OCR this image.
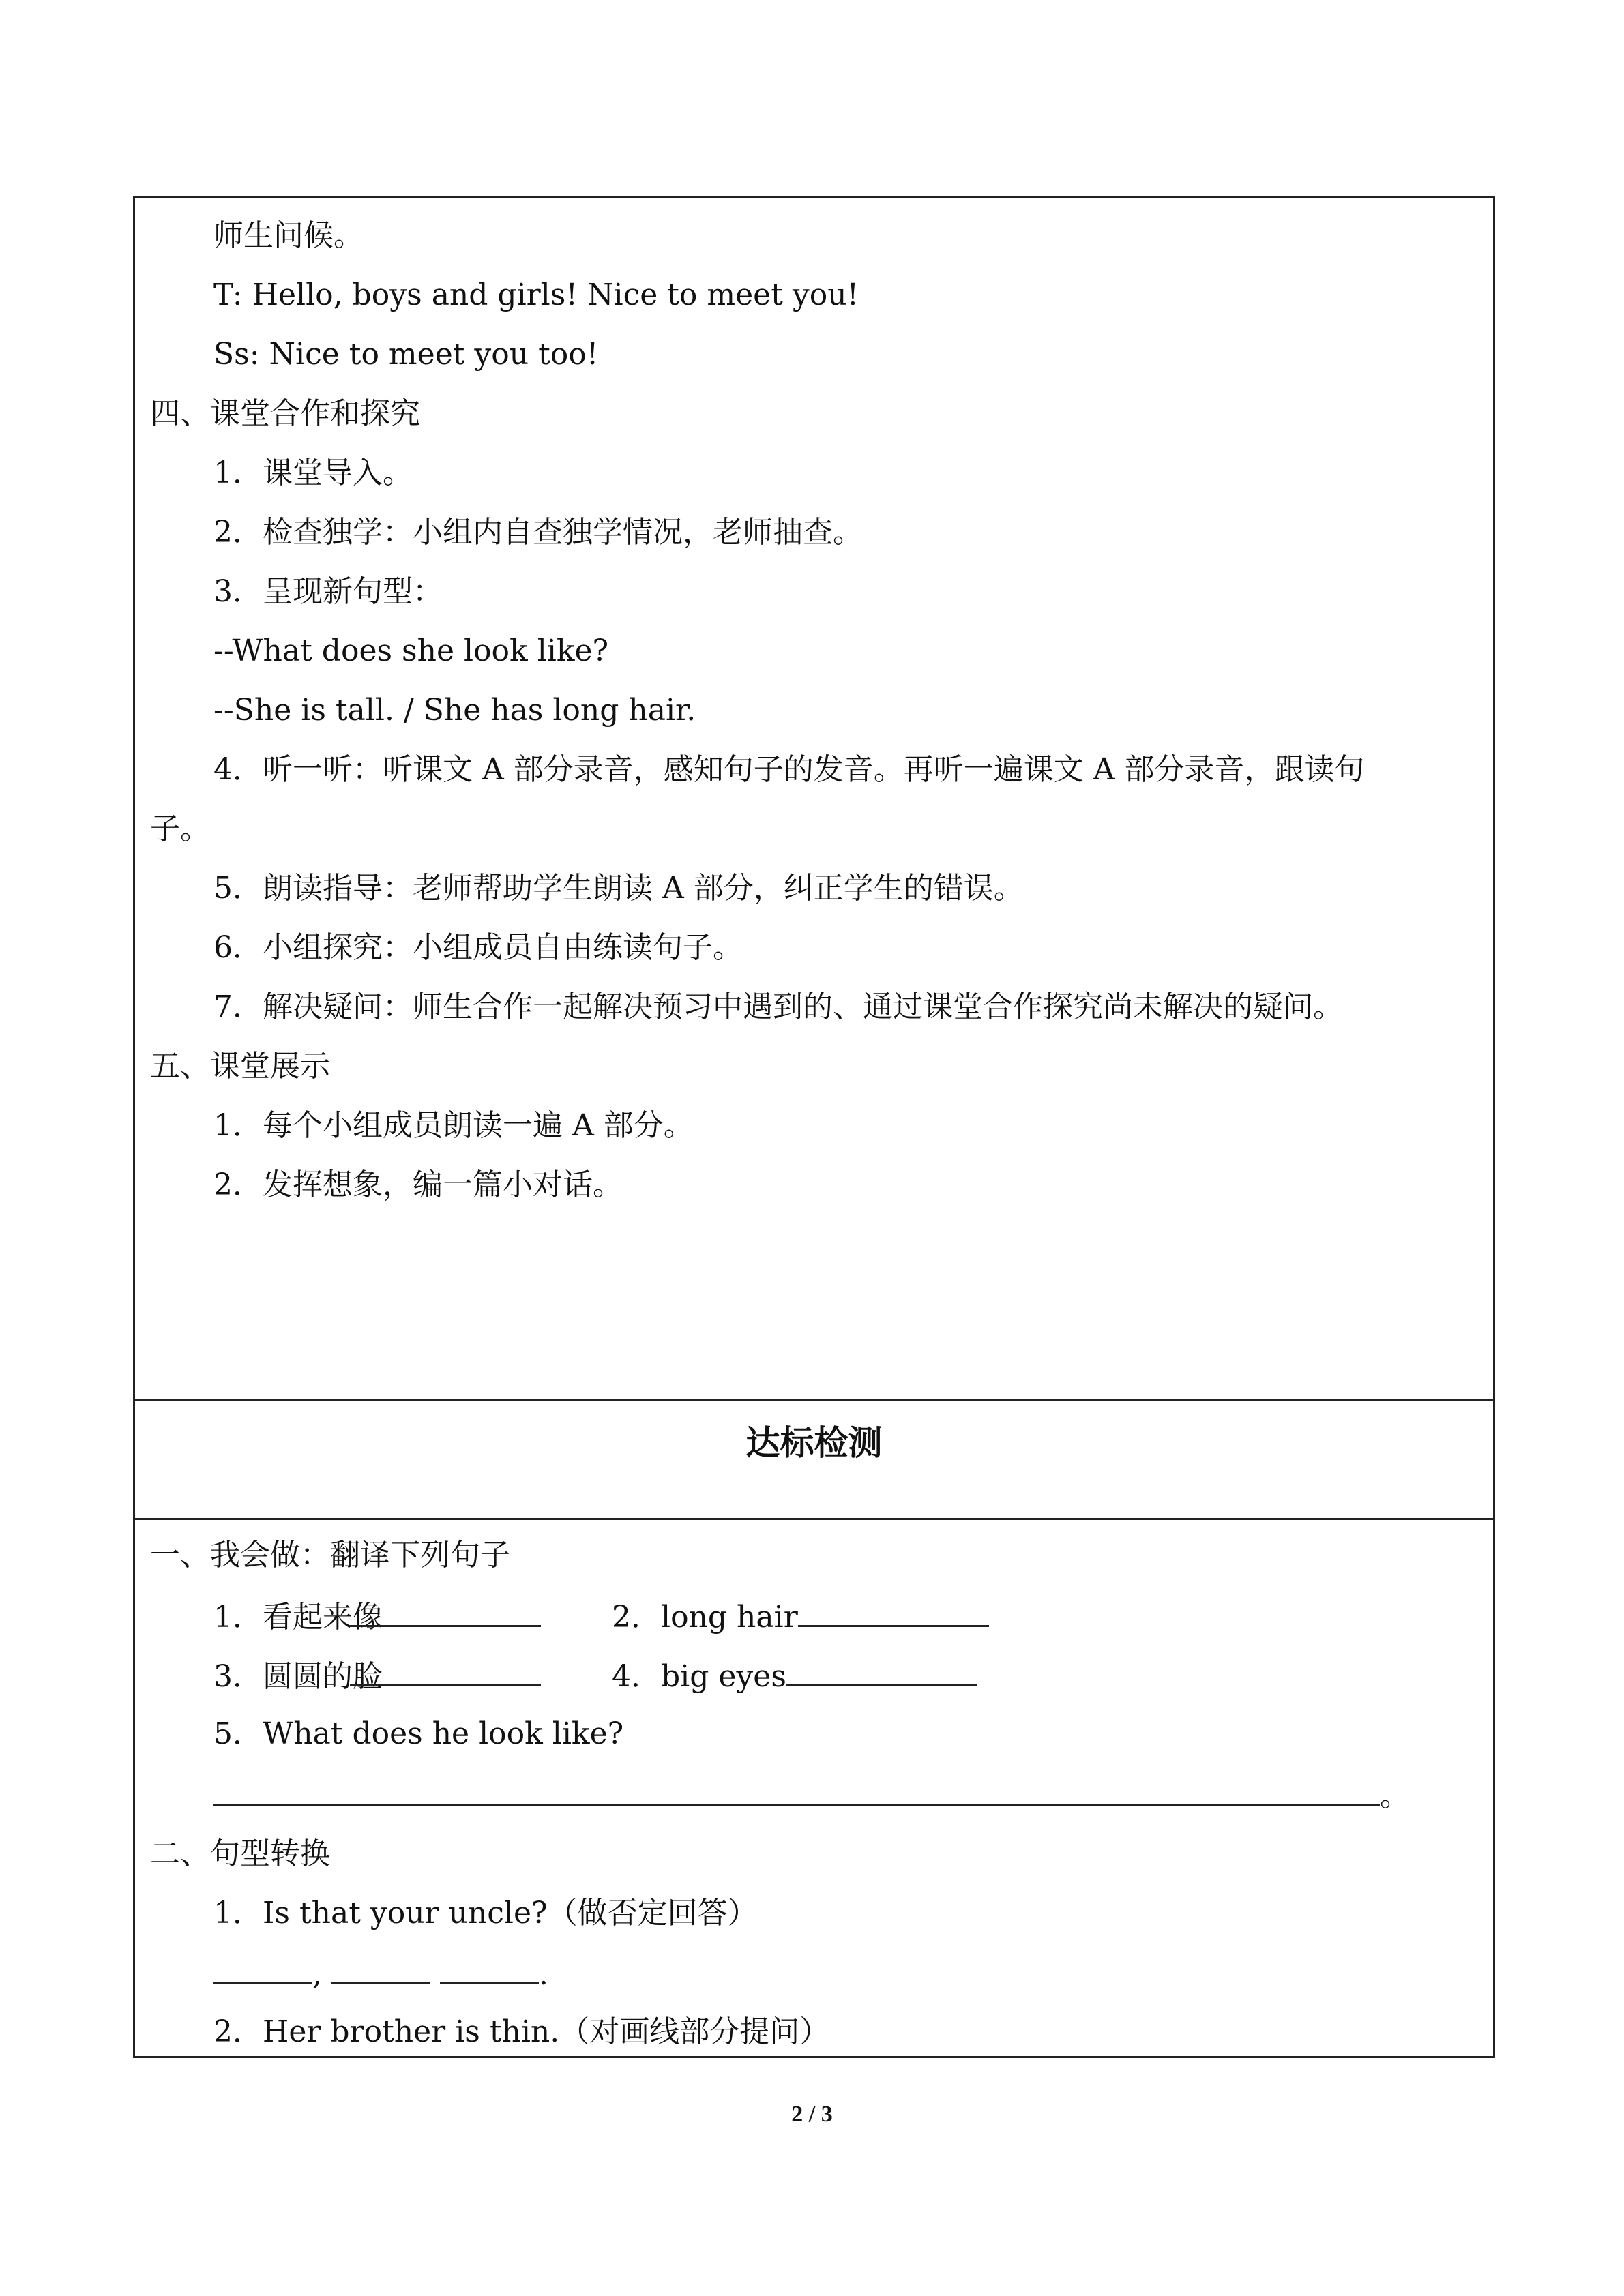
师生问候。
T: Hello, boys and girls! Nice to meet you!
Ss: Nice to meet you too!
四、课堂合作和探究
1．课堂导入。
2．检查独学：小组内自查独学情况，老师抽查。
3．呈现新句型：
--What does she look like?
--She is tall. / She has long hair.
4．听一听：听课文 A 部分录音，感知句子的发音。再听一遍课文 A 部分录音，跟读句
子。
5．朗读指导：老师帮助学生朗读 A 部分，纠正学生的错误。
6．小组探究：小组成员自由练读句子。
7．解决疑问：师生合作一起解决预习中遇到的、通过课堂合作探究尚未解决的疑问。
五、课堂展示
1．每个小组成员朗读一遍 A 部分。
2．发挥想象，编一篇小对话。
达标检测
一、我会做：翻译下列句子
1．看起来像	2．long hair
3．圆圆的脸	4．big eyes
5．What does he look like?
。
二、句型转换
1．Is that your uncle?（做否定回答）
,	.
2．Her brother is thin.（对画线部分提问）
2 / 3
